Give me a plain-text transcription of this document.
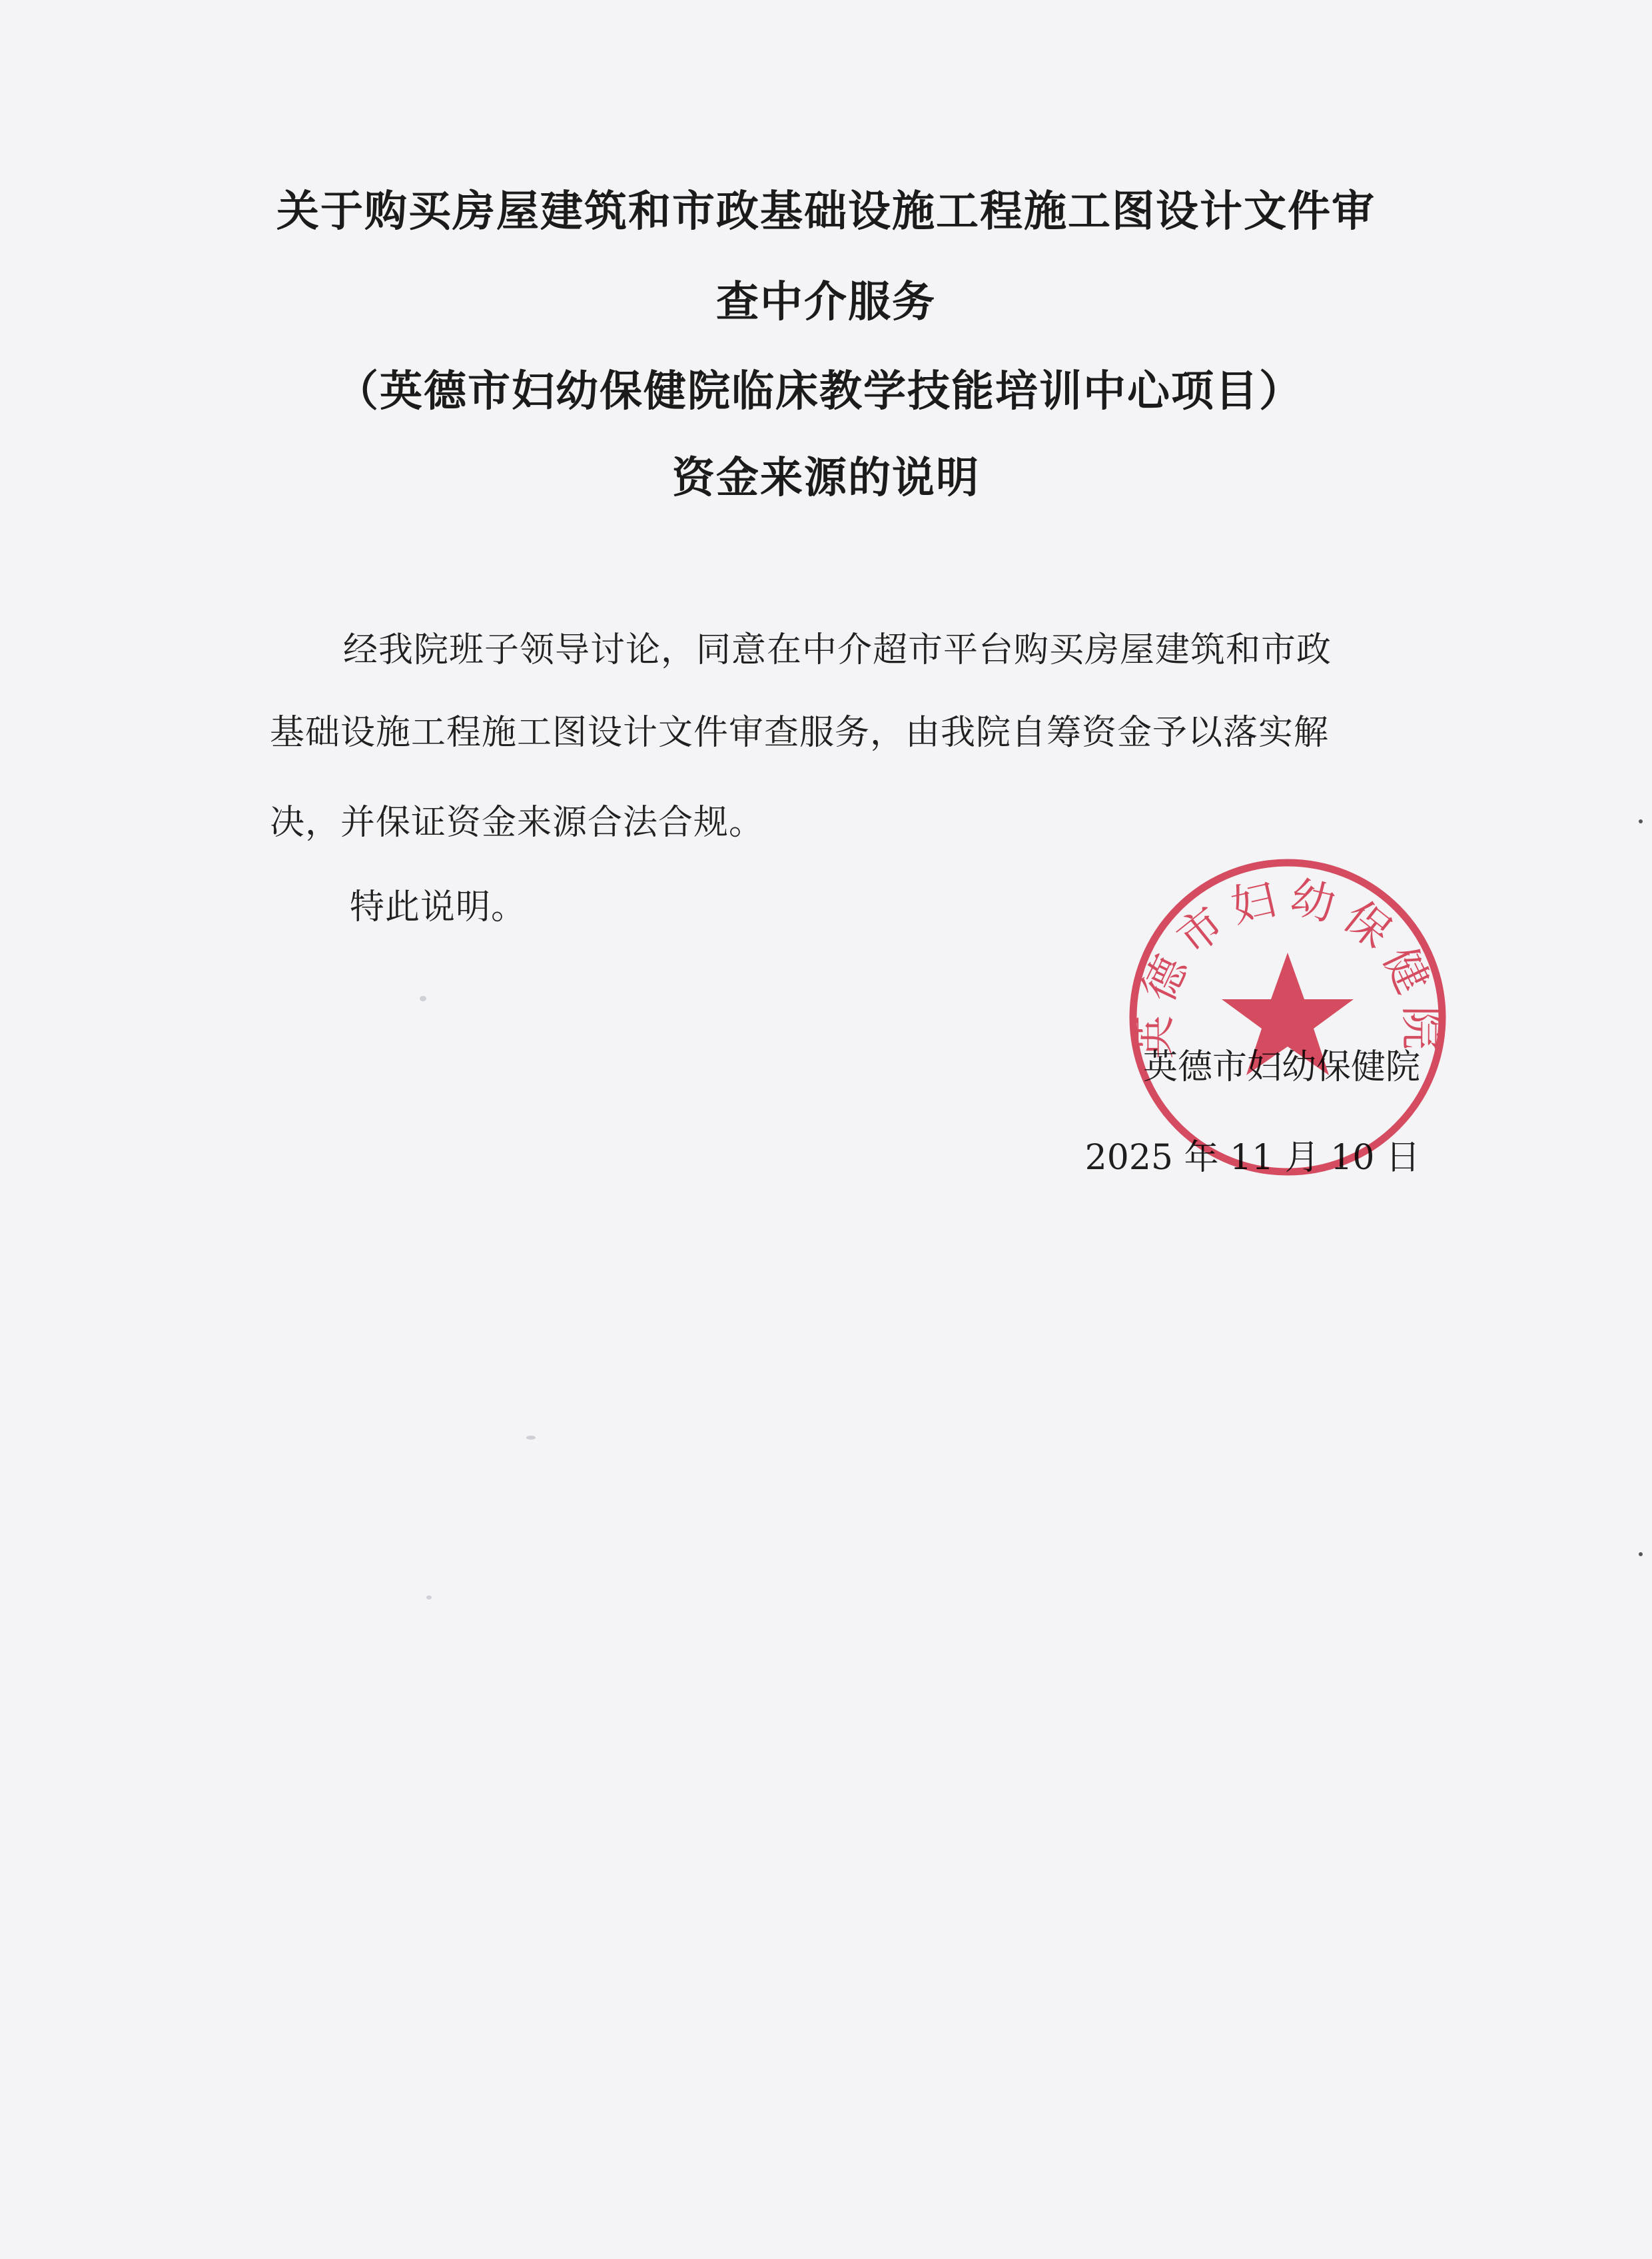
关于购买房屋建筑和市政基础设施工程施工图设计文件审
查中介服务
（英德市妇幼保健院临床教学技能培训中心项目）
资金来源的说明
经我院班子领导讨论，同意在中介超市平台购买房屋建筑和市政
基础设施工程施工图设计文件审查服务，由我院自筹资金予以落实解
决，并保证资金来源合法合规。
特此说明。
英德市妇幼保健院
2025 年 11 月 10 日
英德市妇幼保健院
